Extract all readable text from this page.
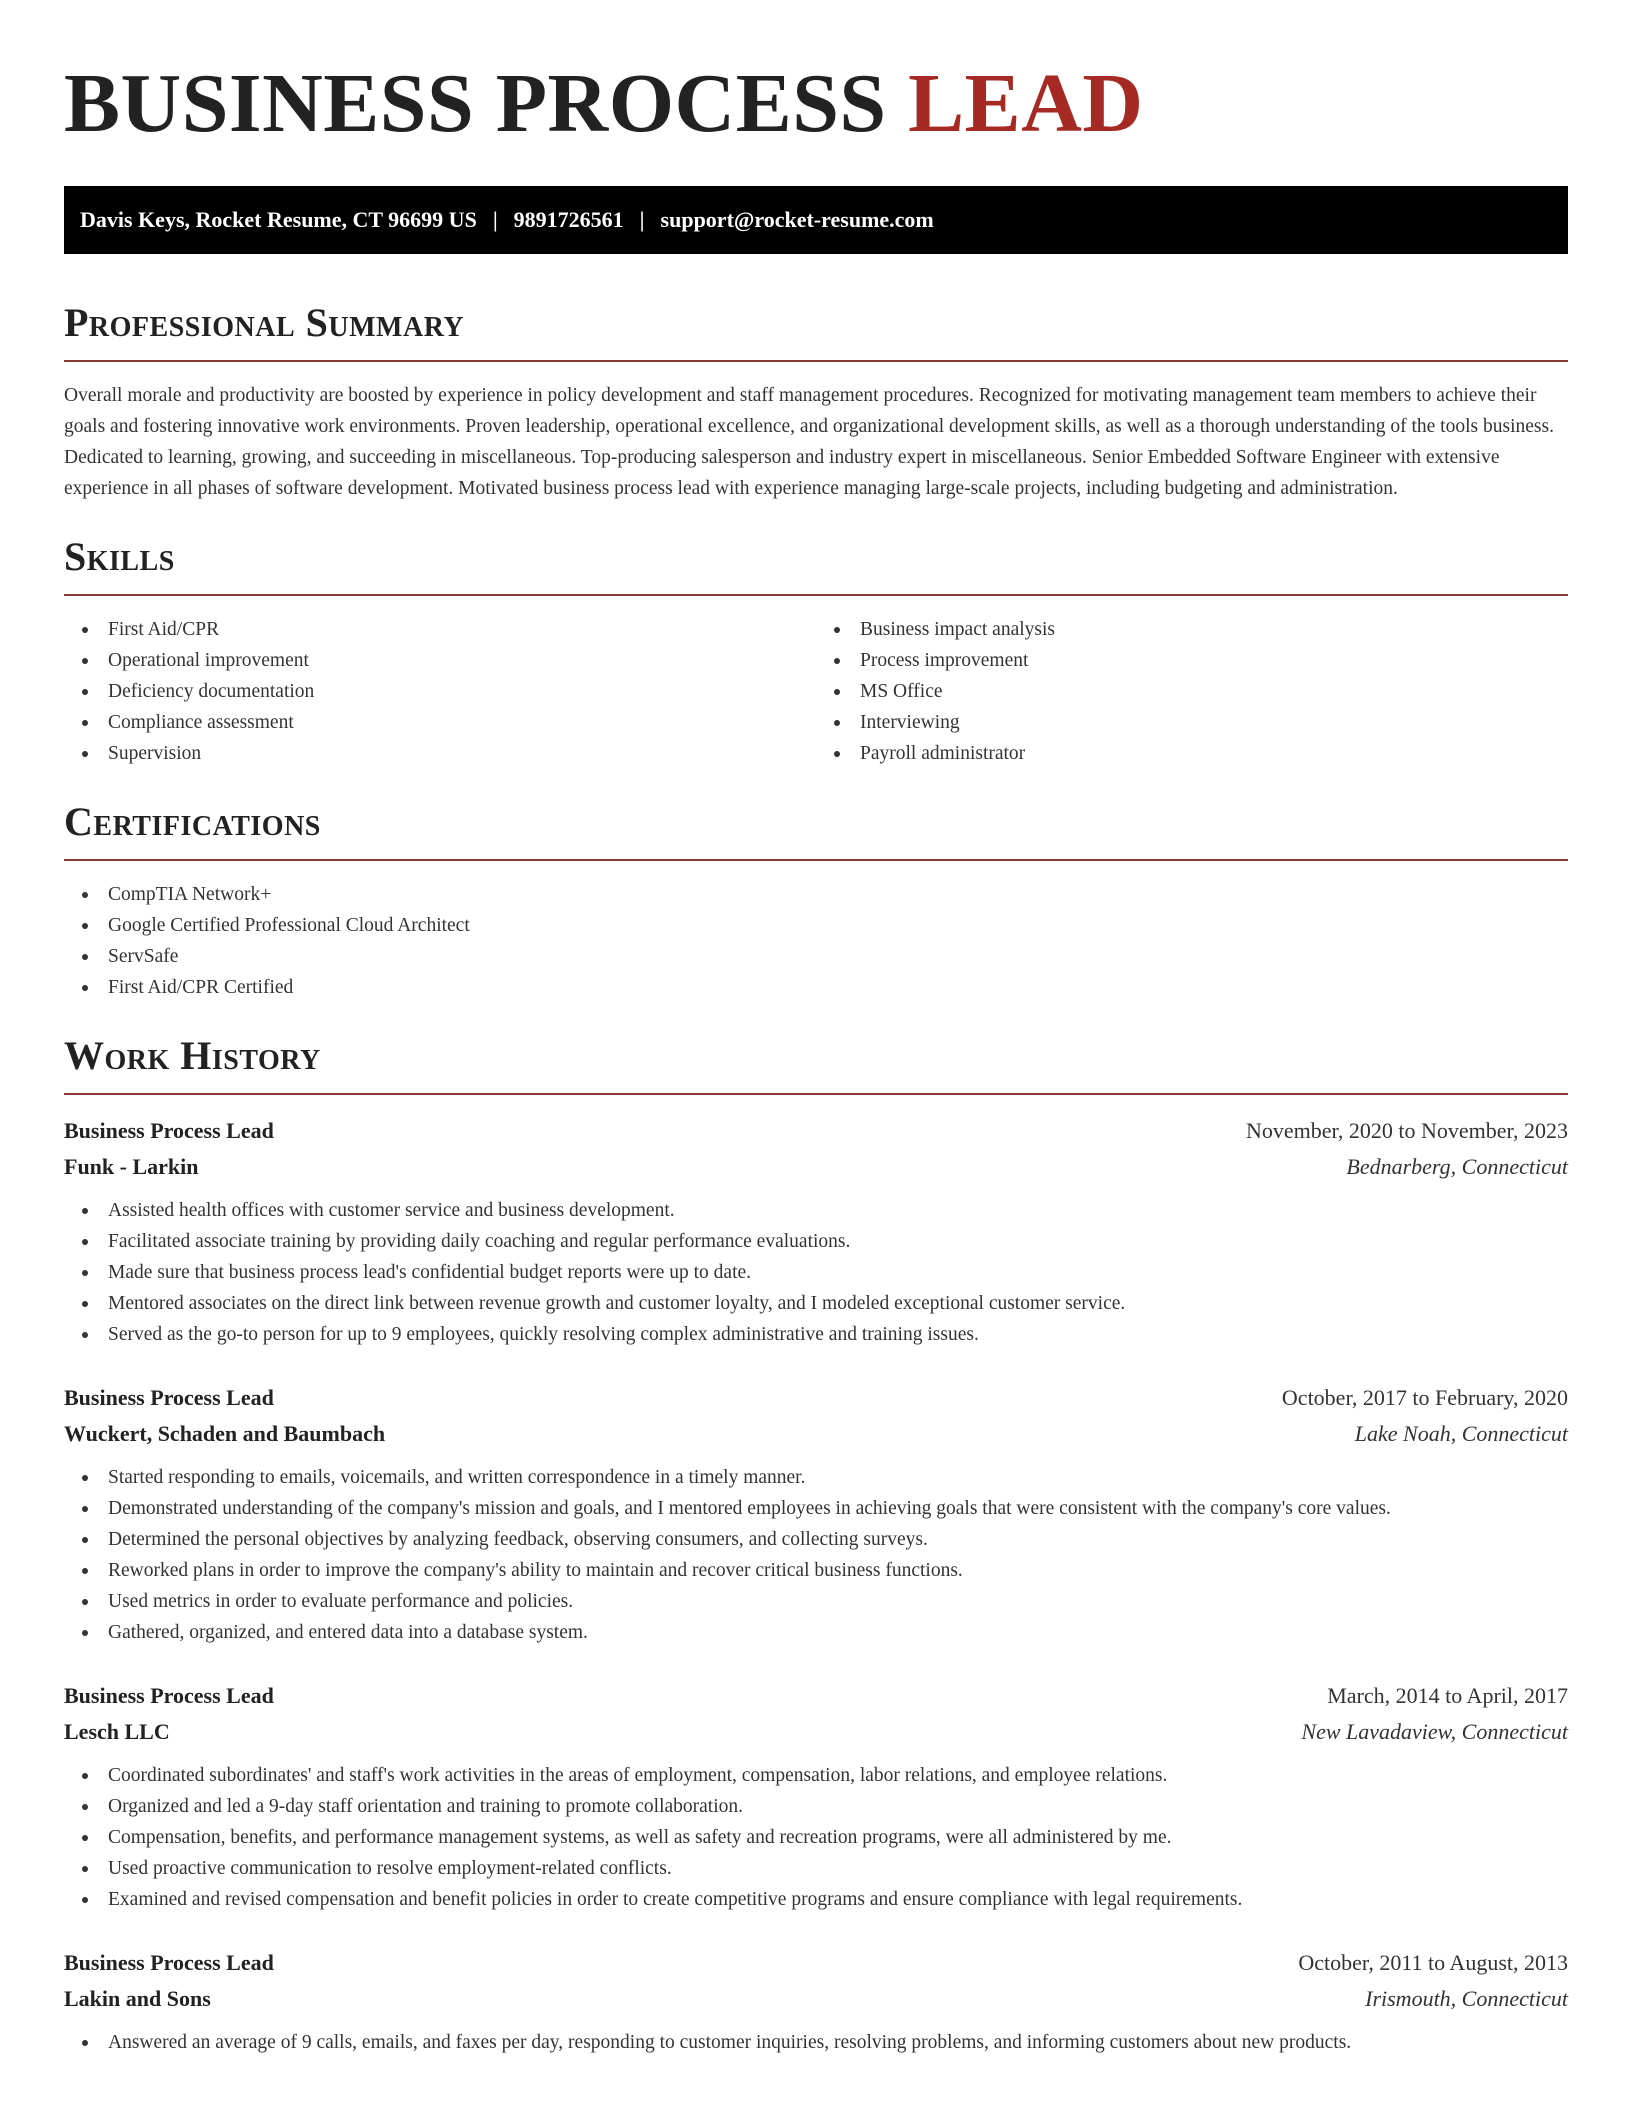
BUSINESS PROCESS LEAD
Davis Keys, Rocket Resume, CT 96699 US | 9891726561 | support@rocket-resume.com
Professional Summary

Overall morale and productivity are boosted by experience in policy development and staff management procedures. Recognized for motivating management team members to achieve their goals and fostering innovative work environments. Proven leadership, operational excellence, and organizational development skills, as well as a thorough understanding of the tools business. Dedicated to learning, growing, and succeeding in miscellaneous. Top-producing salesperson and industry expert in miscellaneous. Senior Embedded Software Engineer with extensive experience in all phases of software development. Motivated business process lead with experience managing large-scale projects, including budgeting and administration.

Skills
First Aid/CPR
Operational improvement
Deficiency documentation
Compliance assessment
Supervision
Business impact analysis
Process improvement
MS Office
Interviewing
Payroll administrator
Certifications
CompTIA Network+
Google Certified Professional Cloud Architect
ServSafe
First Aid/CPR Certified
Work History
Business Process Lead	November, 2020 to November, 2023
Funk - Larkin	Bednarberg, Connecticut
Assisted health offices with customer service and business development.
Facilitated associate training by providing daily coaching and regular performance evaluations.
Made sure that business process lead's confidential budget reports were up to date.
Mentored associates on the direct link between revenue growth and customer loyalty, and I modeled exceptional customer service.
Served as the go-to person for up to 9 employees, quickly resolving complex administrative and training issues.
Business Process Lead	October, 2017 to February, 2020
Wuckert, Schaden and Baumbach	Lake Noah, Connecticut
Started responding to emails, voicemails, and written correspondence in a timely manner.
Demonstrated understanding of the company's mission and goals, and I mentored employees in achieving goals that were consistent with the company's core values.
Determined the personal objectives by analyzing feedback, observing consumers, and collecting surveys.
Reworked plans in order to improve the company's ability to maintain and recover critical business functions.
Used metrics in order to evaluate performance and policies.
Gathered, organized, and entered data into a database system.
Business Process Lead	March, 2014 to April, 2017
Lesch LLC	New Lavadaview, Connecticut
Coordinated subordinates' and staff's work activities in the areas of employment, compensation, labor relations, and employee relations.
Organized and led a 9-day staff orientation and training to promote collaboration.
Compensation, benefits, and performance management systems, as well as safety and recreation programs, were all administered by me.
Used proactive communication to resolve employment-related conflicts.
Examined and revised compensation and benefit policies in order to create competitive programs and ensure compliance with legal requirements.
Business Process Lead	October, 2011 to August, 2013
Lakin and Sons	Irismouth, Connecticut
Answered an average of 9 calls, emails, and faxes per day, responding to customer inquiries, resolving problems, and informing customers about new products.
